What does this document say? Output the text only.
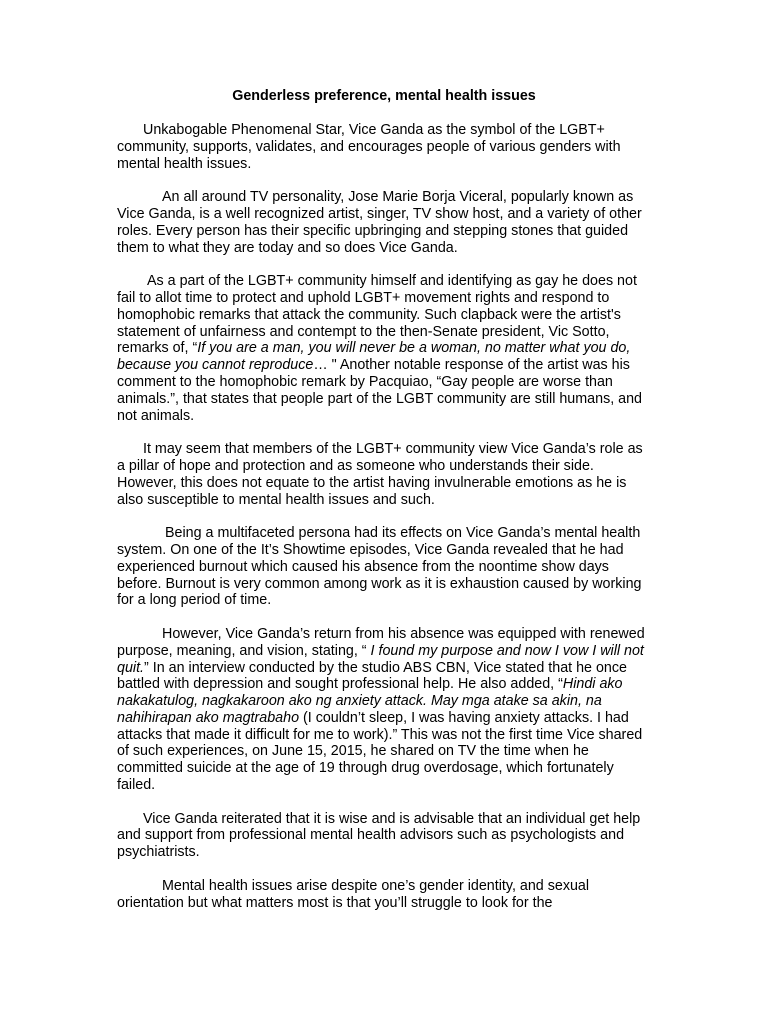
Genderless preference, mental health issues

Unkabogable Phenomenal Star, Vice Ganda as the symbol of the LGBT+ community, supports, validates, and encourages people of various genders with mental health issues.

An all around TV personality, Jose Marie Borja Viceral, popularly known as Vice Ganda, is a well recognized artist, singer, TV show host, and a variety of other roles. Every person has their specific upbringing and stepping stones that guided them to what they are today and so does Vice Ganda.

As a part of the LGBT+ community himself and identifying as gay he does not fail to allot time to protect and uphold LGBT+ movement rights and respond to homophobic remarks that attack the community. Such clapback were the artist's statement of unfairness and contempt to the then-Senate president, Vic Sotto, remarks of, “If you are a man, you will never be a woman, no matter what you do, because you cannot reproduce… " Another notable response of the artist was his comment to the homophobic remark by Pacquiao, “Gay people are worse than animals.”, that states that people part of the LGBT community are still humans, and not animals.

It may seem that members of the LGBT+ community view Vice Ganda’s role as a pillar of hope and protection and as someone who understands their side. However, this does not equate to the artist having invulnerable emotions as he is also susceptible to mental health issues and such.

Being a multifaceted persona had its effects on Vice Ganda’s mental health system. On one of the It’s Showtime episodes, Vice Ganda revealed that he had experienced burnout which caused his absence from the noontime show days before. Burnout is very common among work as it is exhaustion caused by working for a long period of time.

However, Vice Ganda’s return from his absence was equipped with renewed purpose, meaning, and vision, stating, “ I found my purpose and now I vow I will not quit.” In an interview conducted by the studio ABS CBN, Vice stated that he once battled with depression and sought professional help. He also added, “Hindi ako nakakatulog, nagkakaroon ako ng anxiety attack. May mga atake sa akin, na nahihirapan ako magtrabaho (I couldn’t sleep, I was having anxiety attacks. I had attacks that made it difficult for me to work).” This was not the first time Vice shared of such experiences, on June 15, 2015, he shared on TV the time when he committed suicide at the age of 19 through drug overdosage, which fortunately failed.

Vice Ganda reiterated that it is wise and is advisable that an individual get help and support from professional mental health advisors such as psychologists and psychiatrists.

Mental health issues arise despite one’s gender identity, and sexual orientation but what matters most is that you’ll struggle to look for the
